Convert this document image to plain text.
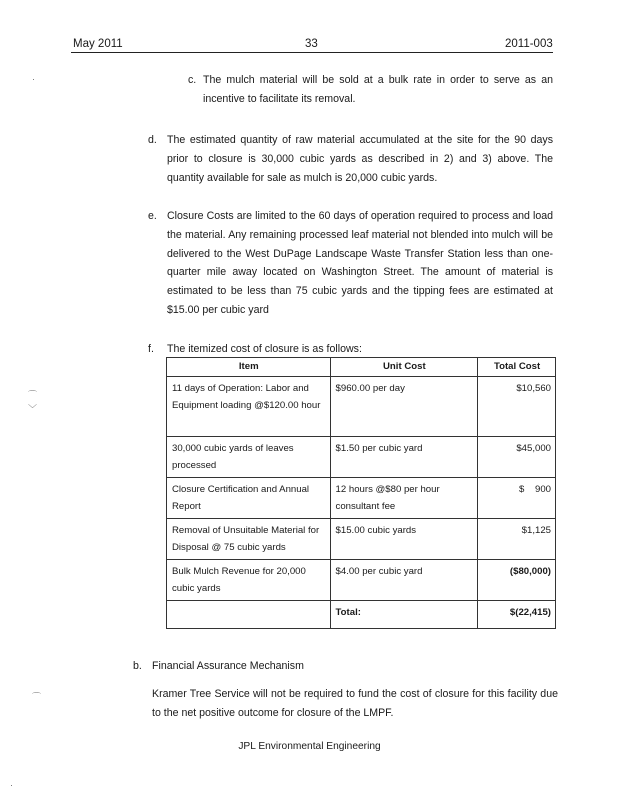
May 2011	33	2011-003
·
⌒
﹀
⌒
·
c. The mulch material will be sold at a bulk rate in order to serve as an incentive to facilitate its removal.
d. The estimated quantity of raw material accumulated at the site for the 90 days prior to closure is 30,000 cubic yards as described in 2) and 3) above. The quantity available for sale as mulch is 20,000 cubic yards.
e. Closure Costs are limited to the 60 days of operation required to process and load the material. Any remaining processed leaf material not blended into mulch will be delivered to the West DuPage Landscape Waste Transfer Station less than one-quarter mile away located on Washington Street. The amount of material is estimated to be less than 75 cubic yards and the tipping fees are estimated at $15.00 per cubic yard
f. The itemized cost of closure is as follows:
Item	Unit Cost	Total Cost
11 days of Operation: Labor and Equipment loading @$120.00 hour	$960.00 per day	$10,560
30,000 cubic yards of leaves processed	$1.50 per cubic yard	$45,000
Closure Certification and Annual Report	12 hours @$80 per hour consultant fee	$    900
Removal of Unsuitable Material for Disposal @ 75 cubic yards	$15.00 cubic yards	$1,125
Bulk Mulch Revenue for 20,000 cubic yards	$4.00 per cubic yard	($80,000)
	Total:	$(22,415)
b. Financial Assurance Mechanism
Kramer Tree Service will not be required to fund the cost of closure for this facility due to the net positive outcome for closure of the LMPF.
JPL Environmental Engineering
